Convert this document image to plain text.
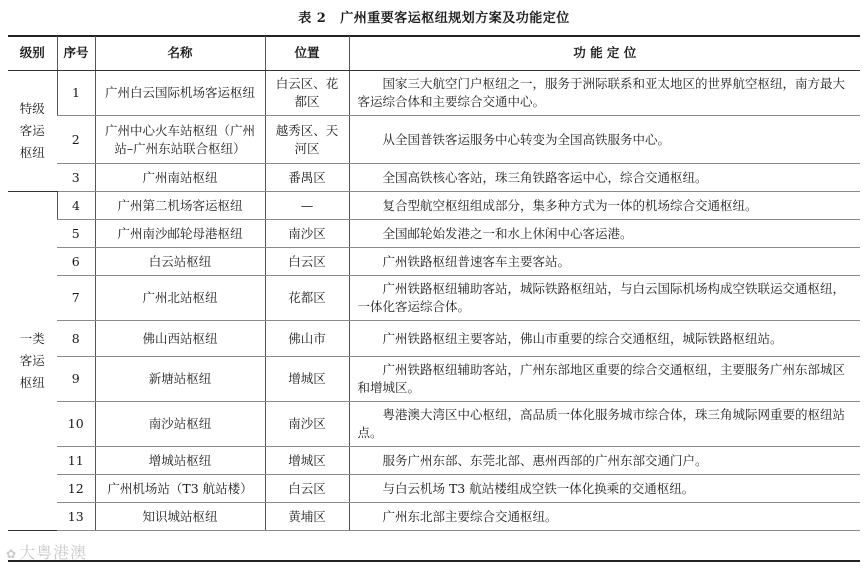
表 2 广州重要客运枢纽规划方案及功能定位
级别	序号	名称	位置	功 能 定 位
特级客运枢纽	1	广州白云国际机场客运枢纽	白云区、花都区	国家三大航空门户枢纽之一，服务于洲际联系和亚太地区的世界航空枢纽，南方最大客运综合体和主要综合交通中心。
	2	广州中心火车站枢纽（广州站–广州东站联合枢纽）	越秀区、天河区	从全国普铁客运服务中心转变为全国高铁服务中心。
	3	广州南站枢纽	番禺区	全国高铁核心客站，珠三角铁路客运中心，综合交通枢纽。
一类客运枢纽	4	广州第二机场客运枢纽	—	复合型航空枢纽组成部分，集多种方式为一体的机场综合交通枢纽。
	5	广州南沙邮轮母港枢纽	南沙区	全国邮轮始发港之一和水上休闲中心客运港。
	6	白云站枢纽	白云区	广州铁路枢纽普速客车主要客站。
	7	广州北站枢纽	花都区	广州铁路枢纽辅助客站，城际铁路枢纽站，与白云国际机场构成空铁联运交通枢纽，一体化客运综合体。
	8	佛山西站枢纽	佛山市	广州铁路枢纽主要客站，佛山市重要的综合交通枢纽，城际铁路枢纽站。
	9	新塘站枢纽	增城区	广州铁路枢纽辅助客站，广州东部地区重要的综合交通枢纽，主要服务广州东部城区和增城区。
	10	南沙站枢纽	南沙区	粤港澳大湾区中心枢纽，高品质一体化服务城市综合体，珠三角城际网重要的枢纽站点。
	11	增城站枢纽	增城区	服务广州东部、东莞北部、惠州西部的广州东部交通门户。
	12	广州机场站（T3 航站楼）	白云区	与白云机场 T3 航站楼组成空铁一体化换乘的交通枢纽。
	13	知识城站枢纽	黄埔区	广州东北部主要综合交通枢纽。
✿ 大粤港澳
